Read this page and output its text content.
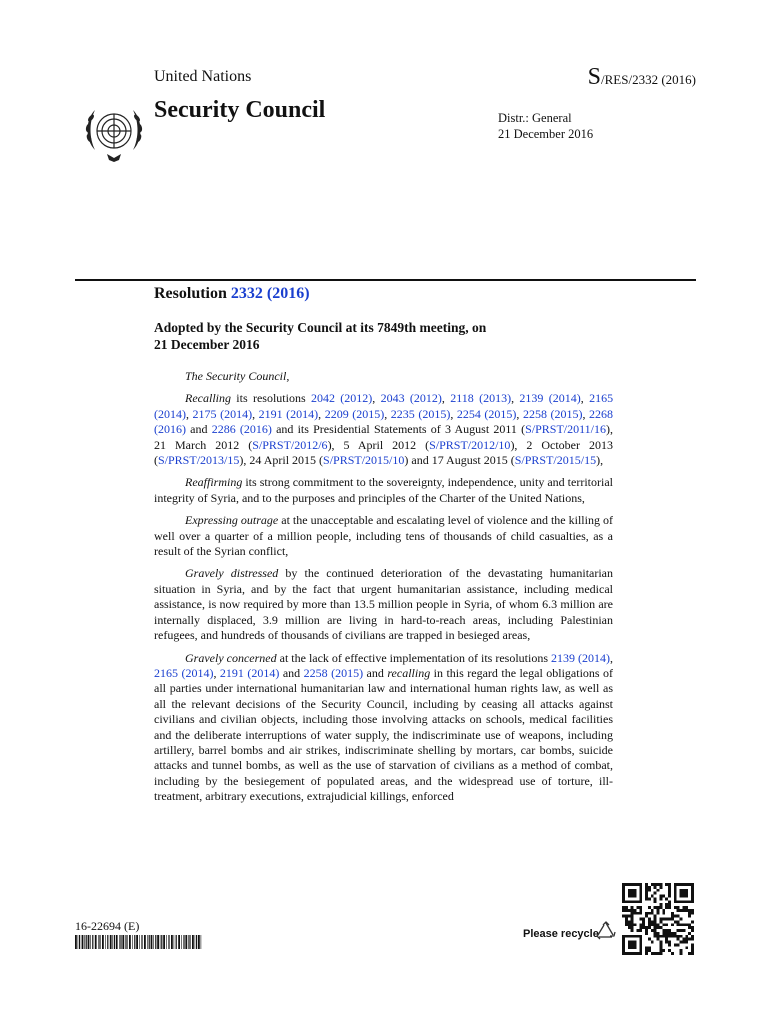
United Nations	S/RES/2332 (2016)
Security Council	Distr.: General
21 December 2016
Resolution 2332 (2016)
Adopted by the Security Council at its 7849th meeting, on
21 December 2016

The Security Council,

Recalling its resolutions 2042 (2012), 2043 (2012), 2118 (2013), 2139 (2014), 2165 (2014), 2175 (2014), 2191 (2014), 2209 (2015), 2235 (2015), 2254 (2015), 2258 (2015), 2268 (2016) and 2286 (2016) and its Presidential Statements of 3 August 2011 (S/PRST/2011/16), 21 March 2012 (S/PRST/2012/6), 5 April 2012 (S/PRST/2012/10), 2 October 2013 (S/PRST/2013/15), 24 April 2015 (S/PRST/2015/10) and 17 August 2015 (S/PRST/2015/15),

Reaffirming its strong commitment to the sovereignty, independence, unity and territorial integrity of Syria, and to the purposes and principles of the Charter of the United Nations,

Expressing outrage at the unacceptable and escalating level of violence and the killing of well over a quarter of a million people, including tens of thousands of child casualties, as a result of the Syrian conflict,

Gravely distressed by the continued deterioration of the devastating humanitarian situation in Syria, and by the fact that urgent humanitarian assistance, including medical assistance, is now required by more than 13.5 million people in Syria, of whom 6.3 million are internally displaced, 3.9 million are living in hard-to-reach areas, including Palestinian refugees, and hundreds of thousands of civilians are trapped in besieged areas,

Gravely concerned at the lack of effective implementation of its resolutions 2139 (2014), 2165 (2014), 2191 (2014) and 2258 (2015) and recalling in this regard the legal obligations of all parties under international humanitarian law and international human rights law, as well as all the relevant decisions of the Security Council, including by ceasing all attacks against civilians and civilian objects, including those involving attacks on schools, medical facilities and the deliberate interruptions of water supply, the indiscriminate use of weapons, including artillery, barrel bombs and air strikes, indiscriminate shelling by mortars, car bombs, suicide attacks and tunnel bombs, as well as the use of starvation of civilians as a method of combat, including by the besiegement of populated areas, and the widespread use of torture, ill-treatment, arbitrary executions, extrajudicial killings, enforced

16-22694 (E)
Please recycle
